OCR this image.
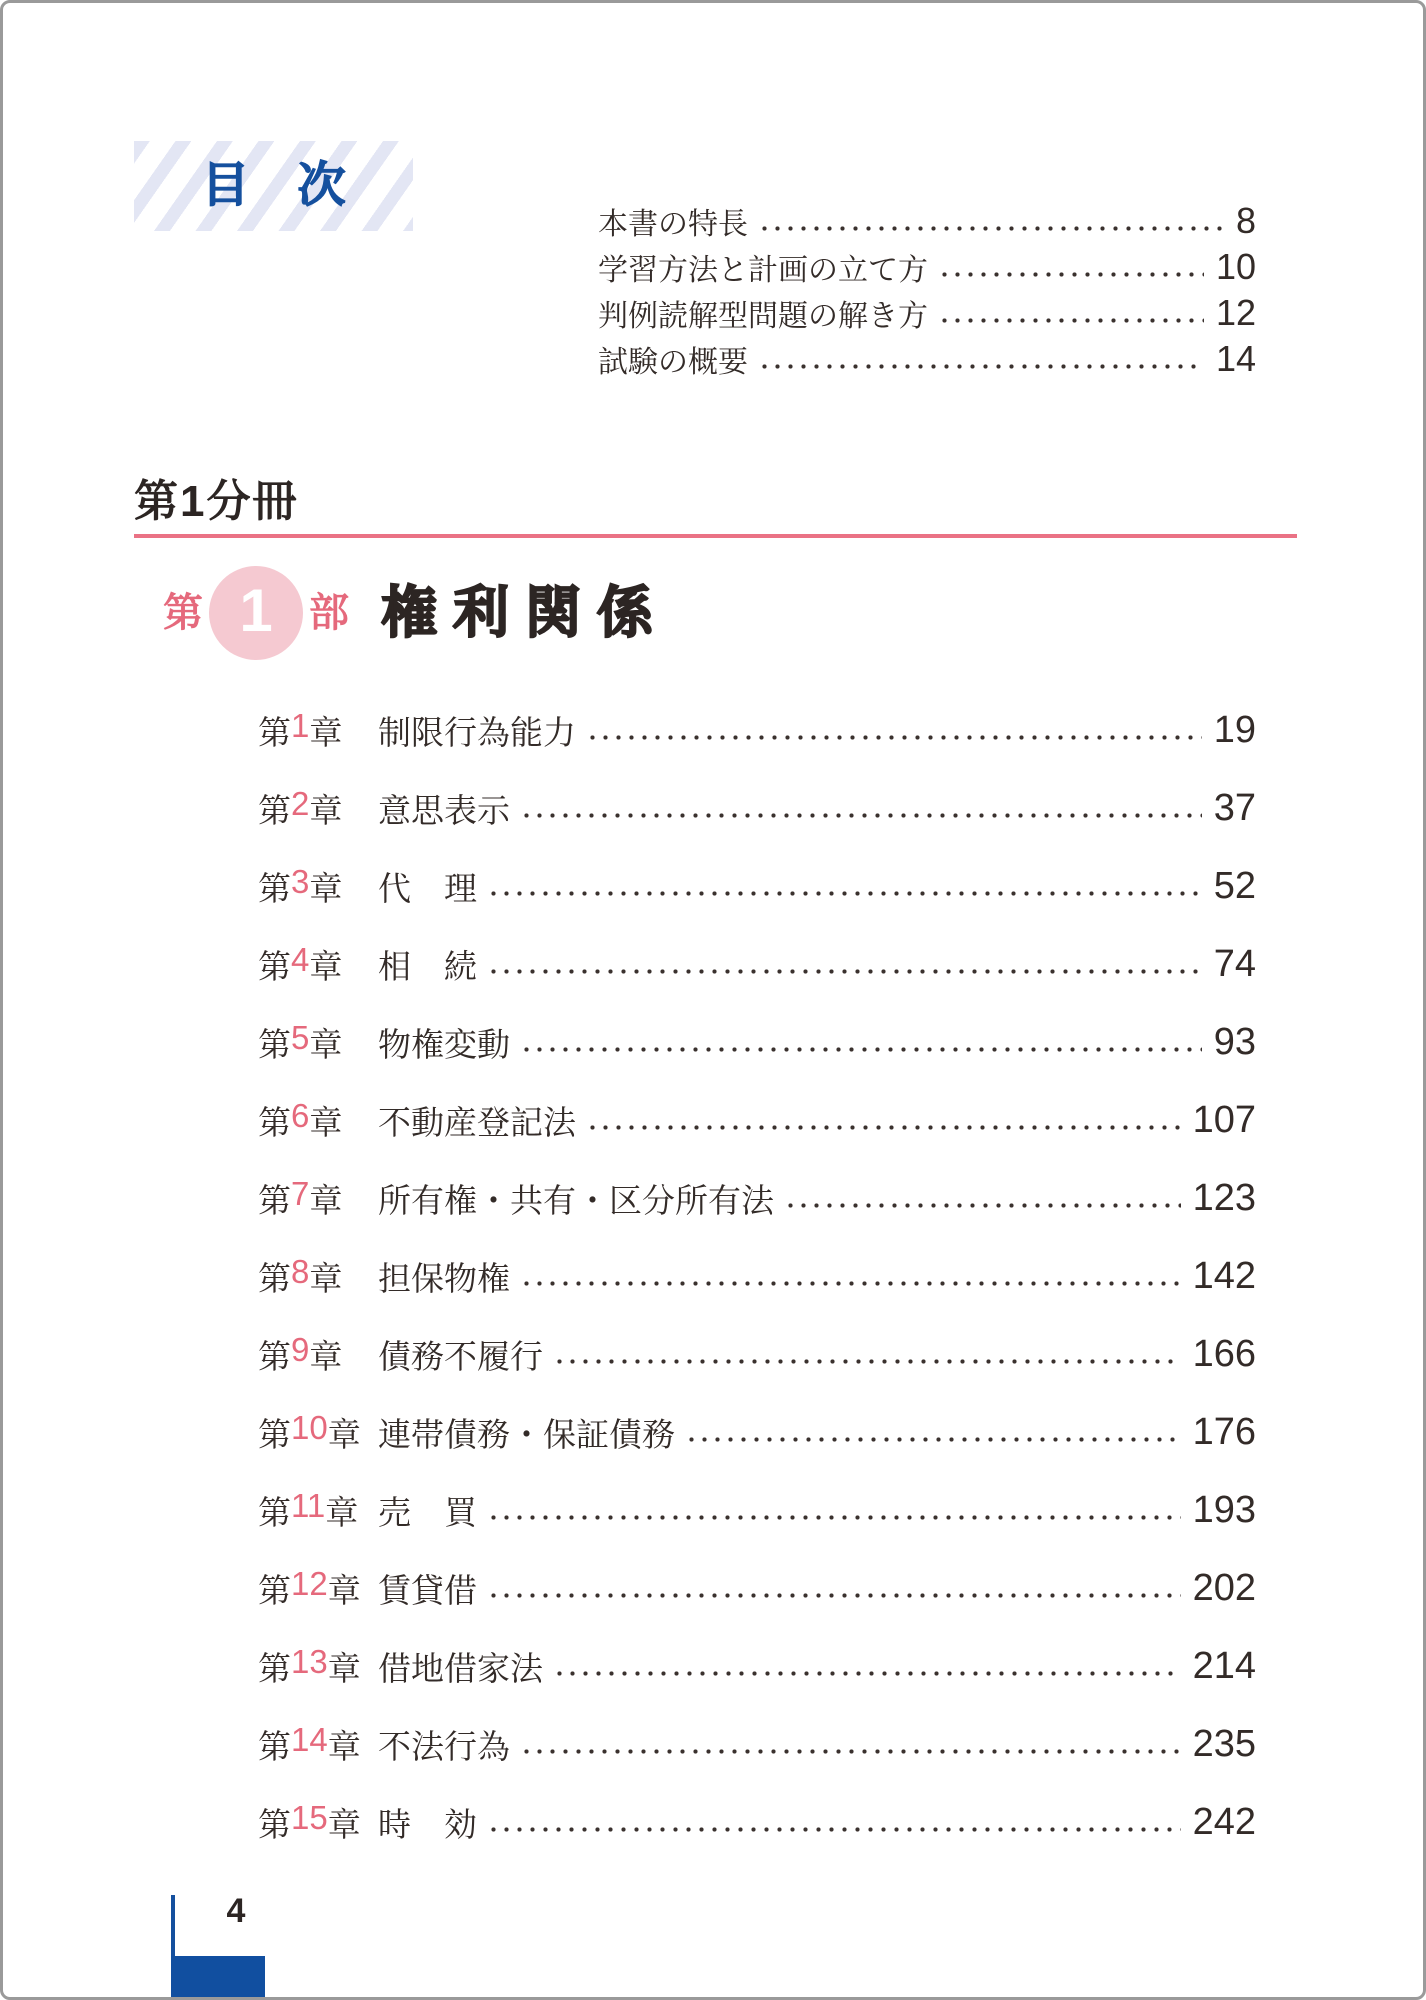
目　次
本書の特長	8
学習方法と計画の立て方	10
判例読解型問題の解き方	12
試験の概要	14
第1分冊
第 1 部 権利関係
第 1 章 制限行為能力	19
第 2 章 意思表示	37
第 3 章 代　理	52
第 4 章 相　続	74
第 5 章 物権変動	93
第 6 章 不動産登記法	107
第 7 章 所有権・共有・区分所有法	123
第 8 章 担保物権	142
第 9 章 債務不履行	166
第 10 章 連帯債務・保証債務	176
第 11 章 売　買	193
第 12 章 賃貸借	202
第 13 章 借地借家法	214
第 14 章 不法行為	235
第 15 章 時　効	242
4
